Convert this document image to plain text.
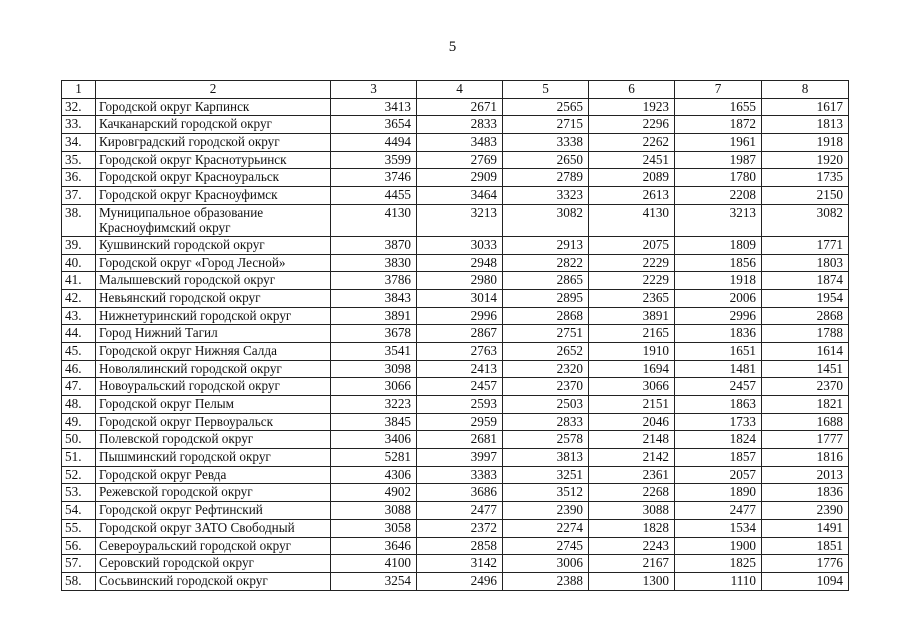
5
1	2	3	4	5	6	7	8
32.	Городской округ Карпинск	3413	2671	2565	1923	1655	1617
33.	Качканарский городской округ	3654	2833	2715	2296	1872	1813
34.	Кировградский городской округ	4494	3483	3338	2262	1961	1918
35.	Городской округ Краснотурьинск	3599	2769	2650	2451	1987	1920
36.	Городской округ Красноуральск	3746	2909	2789	2089	1780	1735
37.	Городской округ Красноуфимск	4455	3464	3323	2613	2208	2150
38.	Муниципальное образование Красноуфимский округ	4130	3213	3082	4130	3213	3082
39.	Кушвинский городской округ	3870	3033	2913	2075	1809	1771
40.	Городской округ «Город Лесной»	3830	2948	2822	2229	1856	1803
41.	Малышевский городской округ	3786	2980	2865	2229	1918	1874
42.	Невьянский городской округ	3843	3014	2895	2365	2006	1954
43.	Нижнетуринский городской округ	3891	2996	2868	3891	2996	2868
44.	Город Нижний Тагил	3678	2867	2751	2165	1836	1788
45.	Городской округ Нижняя Салда	3541	2763	2652	1910	1651	1614
46.	Новолялинский городской округ	3098	2413	2320	1694	1481	1451
47.	Новоуральский городской округ	3066	2457	2370	3066	2457	2370
48.	Городской округ Пелым	3223	2593	2503	2151	1863	1821
49.	Городской округ Первоуральск	3845	2959	2833	2046	1733	1688
50.	Полевской городской округ	3406	2681	2578	2148	1824	1777
51.	Пышминский городской округ	5281	3997	3813	2142	1857	1816
52.	Городской округ Ревда	4306	3383	3251	2361	2057	2013
53.	Режевской городской округ	4902	3686	3512	2268	1890	1836
54.	Городской округ Рефтинский	3088	2477	2390	3088	2477	2390
55.	Городской округ ЗАТО Свободный	3058	2372	2274	1828	1534	1491
56.	Североуральский городской округ	3646	2858	2745	2243	1900	1851
57.	Серовский городской округ	4100	3142	3006	2167	1825	1776
58.	Сосьвинский городской округ	3254	2496	2388	1300	1110	1094
